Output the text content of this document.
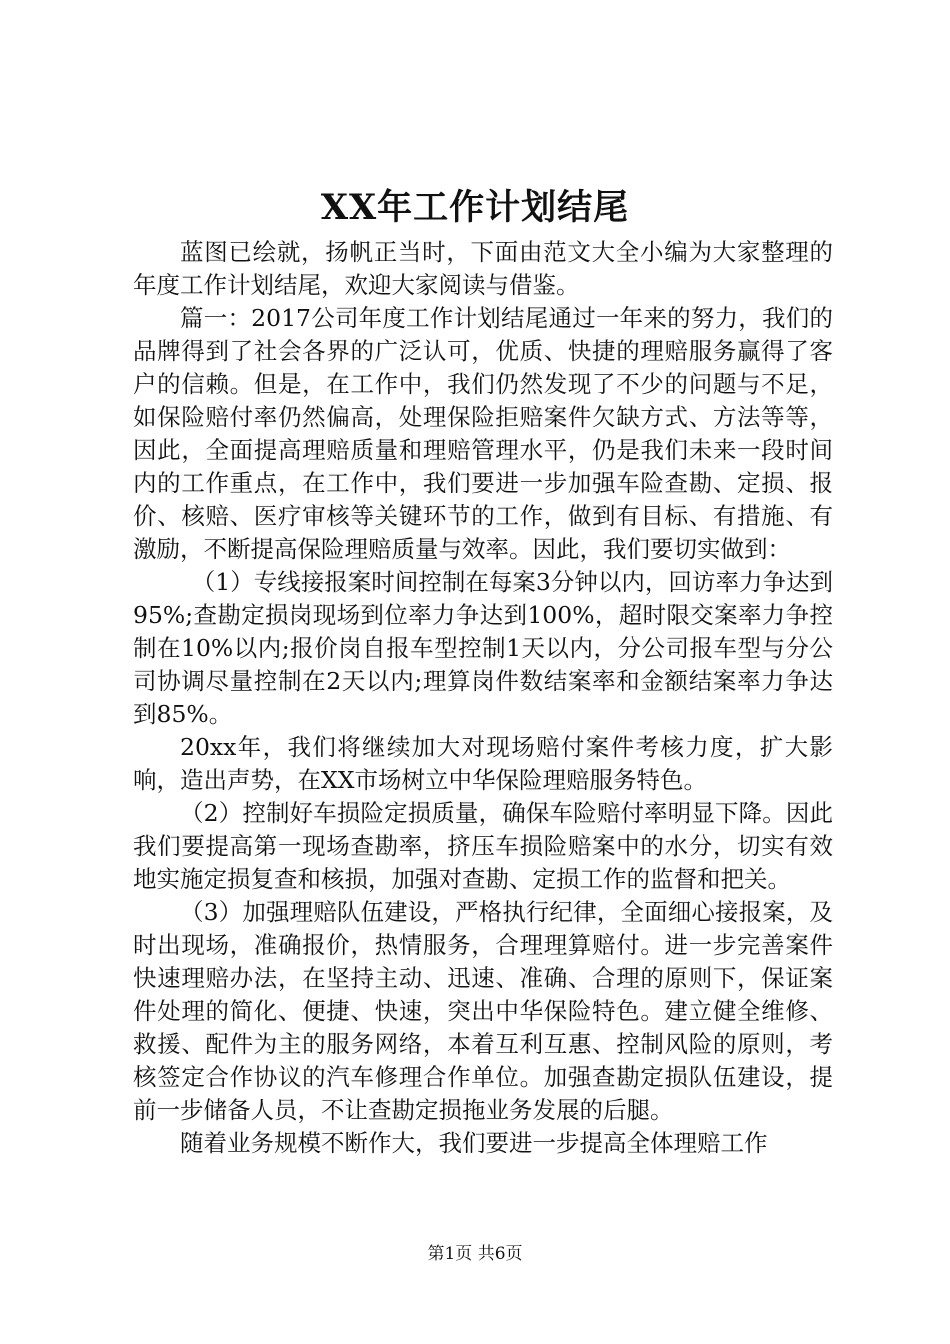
XX年工作计划结尾

蓝图已绘就，扬帆正当时，下面由范文大全小编为大家整理的年度工作计划结尾，欢迎大家阅读与借鉴。

篇一：2017公司年度工作计划结尾通过一年来的努力，我们的品牌得到了社会各界的广泛认可，优质、快捷的理赔服务赢得了客户的信赖。但是，在工作中，我们仍然发现了不少的问题与不足，如保险赔付率仍然偏高，处理保险拒赔案件欠缺方式、方法等等，因此，全面提高理赔质量和理赔管理水平，仍是我们未来一段时间内的工作重点，在工作中，我们要进一步加强车险查勘、定损、报价、核赔、医疗审核等关键环节的工作，做到有目标、有措施、有激励，不断提高保险理赔质量与效率。因此，我们要切实做到：

（1）专线接报案时间控制在每案3分钟以内，回访率力争达到95%;查勘定损岗现场到位率力争达到100%，超时限交案率力争控制在10%以内;报价岗自报车型控制1天以内，分公司报车型与分公司协调尽量控制在2天以内;理算岗件数结案率和金额结案率力争达到85%。

20xx年，我们将继续加大对现场赔付案件考核力度，扩大影响，造出声势，在XX市场树立中华保险理赔服务特色。

（2）控制好车损险定损质量，确保车险赔付率明显下降。因此我们要提高第一现场查勘率，挤压车损险赔案中的水分，切实有效地实施定损复查和核损，加强对查勘、定损工作的监督和把关。

（3）加强理赔队伍建设，严格执行纪律，全面细心接报案，及时出现场，准确报价，热情服务，合理理算赔付。进一步完善案件快速理赔办法，在坚持主动、迅速、准确、合理的原则下，保证案件处理的简化、便捷、快速，突出中华保险特色。建立健全维修、救援、配件为主的服务网络，本着互利互惠、控制风险的原则，考核签定合作协议的汽车修理合作单位。加强查勘定损队伍建设，提前一步储备人员，不让查勘定损拖业务发展的后腿。

随着业务规模不断作大，我们要进一步提高全体理赔工作

第1页 共6页
